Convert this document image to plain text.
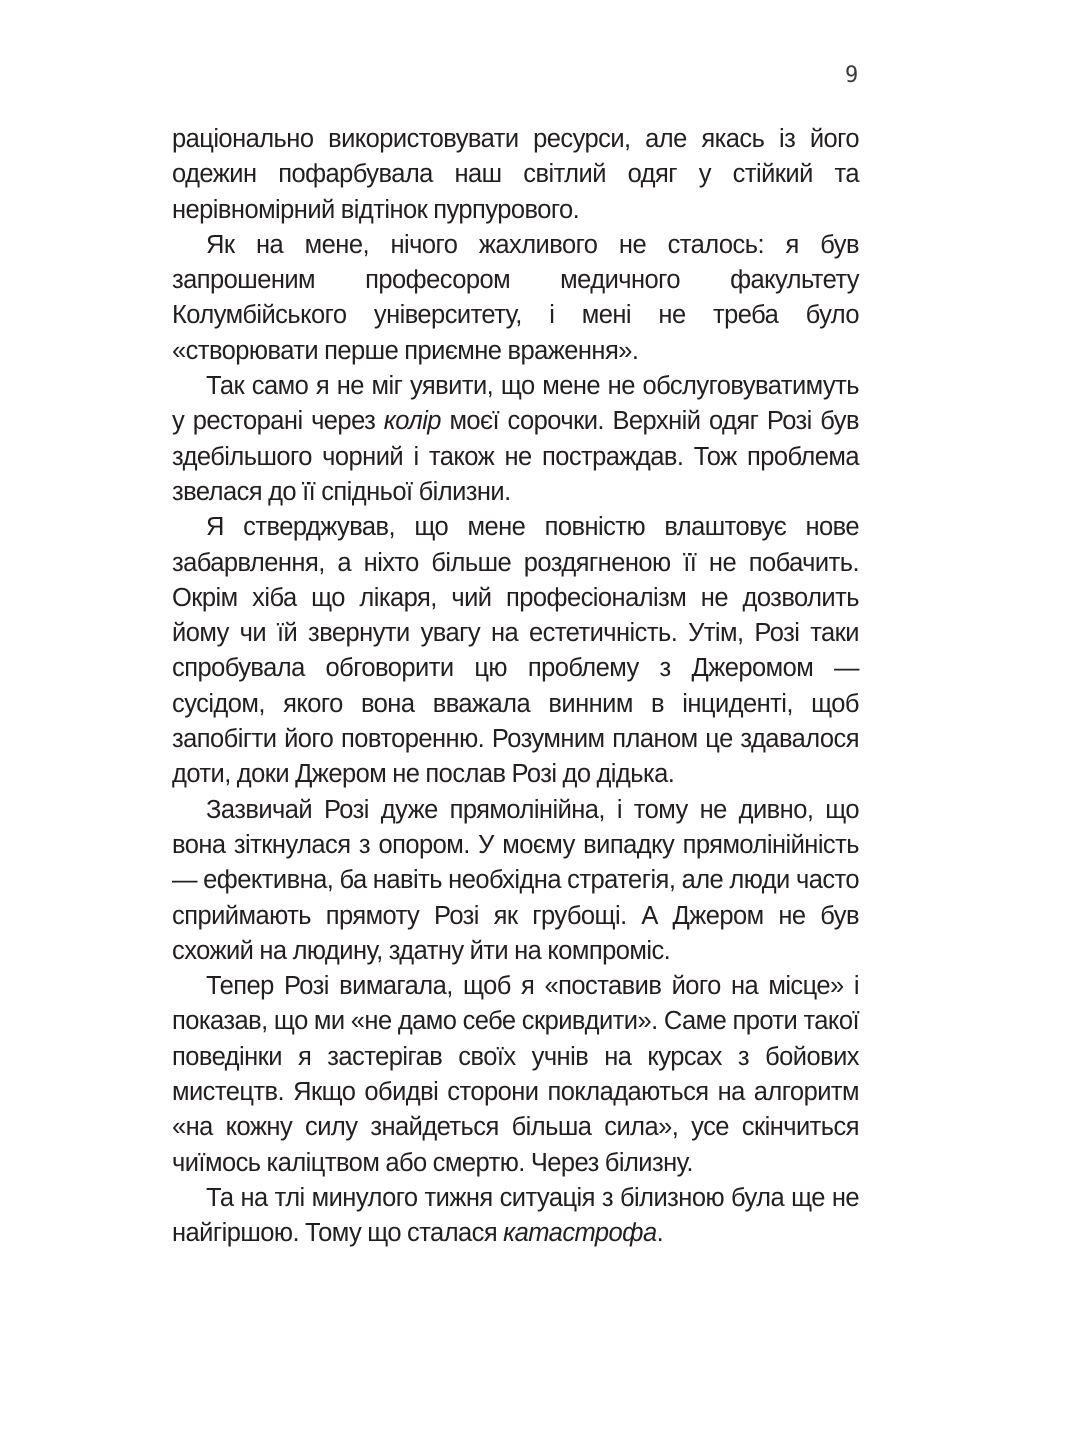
9

раціонально використовувати ресурси, але якась із його одежин пофарбувала наш світлий одяг у стійкий та нерівномірний відтінок пурпурового.

Як на мене, нічого жахливого не сталось: я був запрошеним професором медичного факультету Колумбійського університету, і мені не треба було «створювати перше приємне враження».

Так само я не міг уявити, що мене не обслуговуватимуть у ресторані через колір моєї сорочки. Верхній одяг Розі був здебільшого чорний і також не постраждав. Тож проблема звелася до її спідньої білизни.

Я стверджував, що мене повністю влаштовує нове забарвлення, а ніхто більше роздягненою її не побачить. Окрім хіба що лікаря, чий професіоналізм не дозволить йому чи їй звернути увагу на естетичність. Утім, Розі таки спробувала обговорити цю проблему з Джеромом — сусідом, якого вона вважала винним в інциденті, щоб запобігти його повторенню. Розумним планом це здавалося доти, доки Джером не послав Розі до дідька.

Зазвичай Розі дуже прямолінійна, і тому не дивно, що вона зіткнулася з опором. У моєму випадку прямолінійність — ефективна, ба навіть необхідна стратегія, але люди часто сприймають прямоту Розі як грубощі. А Джером не був схожий на людину, здатну йти на компроміс.

Тепер Розі вимагала, щоб я «поставив його на місце» і показав, що ми «не дамо себе скривдити». Саме проти такої поведінки я застерігав своїх учнів на курсах з бойових мистецтв. Якщо обидві сторони покладаються на алгоритм «на кожну силу знайдеться більша сила», усе скінчиться чиїмось каліцтвом або смертю. Через білизну.

Та на тлі минулого тижня ситуація з білизною була ще не найгіршою. Тому що сталася катастрофа.
